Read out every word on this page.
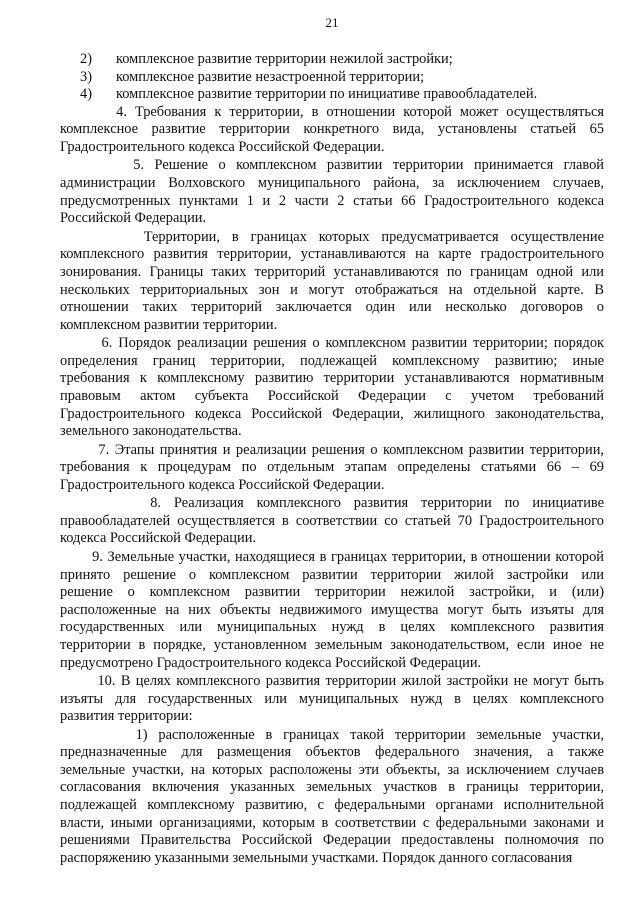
21
2)	комплексное развитие территории нежилой застройки;
3)	комплексное развитие незастроенной территории;
4)	комплексное развитие территории по инициативе правообладателей.
4. Требования к территории, в отношении которой может осуществляться
комплексное развитие территории конкретного вида, установлены статьей 65
Градостроительного кодекса Российской Федерации.
5. Решение о комплексном развитии территории принимается главой
администрации Волховского муниципального района, за исключением случаев,
предусмотренных пунктами 1 и 2 части 2 статьи 66 Градостроительного кодекса
Российской Федерации.
Территории, в границах которых предусматривается осуществление
комплексного развития территории, устанавливаются на карте градостроительного
зонирования. Границы таких территорий устанавливаются по границам одной или
нескольких территориальных зон и могут отображаться на отдельной карте. В
отношении таких территорий заключается один или несколько договоров о
комплексном развитии территории.
6. Порядок реализации решения о комплексном развитии территории; порядок
определения границ территории, подлежащей комплексному развитию; иные
требования к комплексному развитию территории устанавливаются нормативным
правовым актом субъекта Российской Федерации с учетом требований
Градостроительного кодекса Российской Федерации, жилищного законодательства,
земельного законодательства.
7. Этапы принятия и реализации решения о комплексном развитии территории,
требования к процедурам по отдельным этапам определены статьями 66 – 69
Градостроительного кодекса Российской Федерации.
8. Реализация комплексного развития территории по инициативе
правообладателей осуществляется в соответствии со статьей 70 Градостроительного
кодекса Российской Федерации.
9. Земельные участки, находящиеся в границах территории, в отношении которой
принято решение о комплексном развитии территории жилой застройки или
решение о комплексном развитии территории нежилой застройки, и (или)
расположенные на них объекты недвижимого имущества могут быть изъяты для
государственных или муниципальных нужд в целях комплексного развития
территории в порядке, установленном земельным законодательством, если иное не
предусмотрено Градостроительного кодекса Российской Федерации.
10. В целях комплексного развития территории жилой застройки не могут быть
изъяты для государственных или муниципальных нужд в целях комплексного
развития территории:
1) расположенные в границах такой территории земельные участки,
предназначенные для размещения объектов федерального значения, а также
земельные участки, на которых расположены эти объекты, за исключением случаев
согласования включения указанных земельных участков в границы территории,
подлежащей комплексному развитию, с федеральными органами исполнительной
власти, иными организациями, которым в соответствии с федеральными законами и
решениями Правительства Российской Федерации предоставлены полномочия по
распоряжению указанными земельными участками. Порядок данного согласования
